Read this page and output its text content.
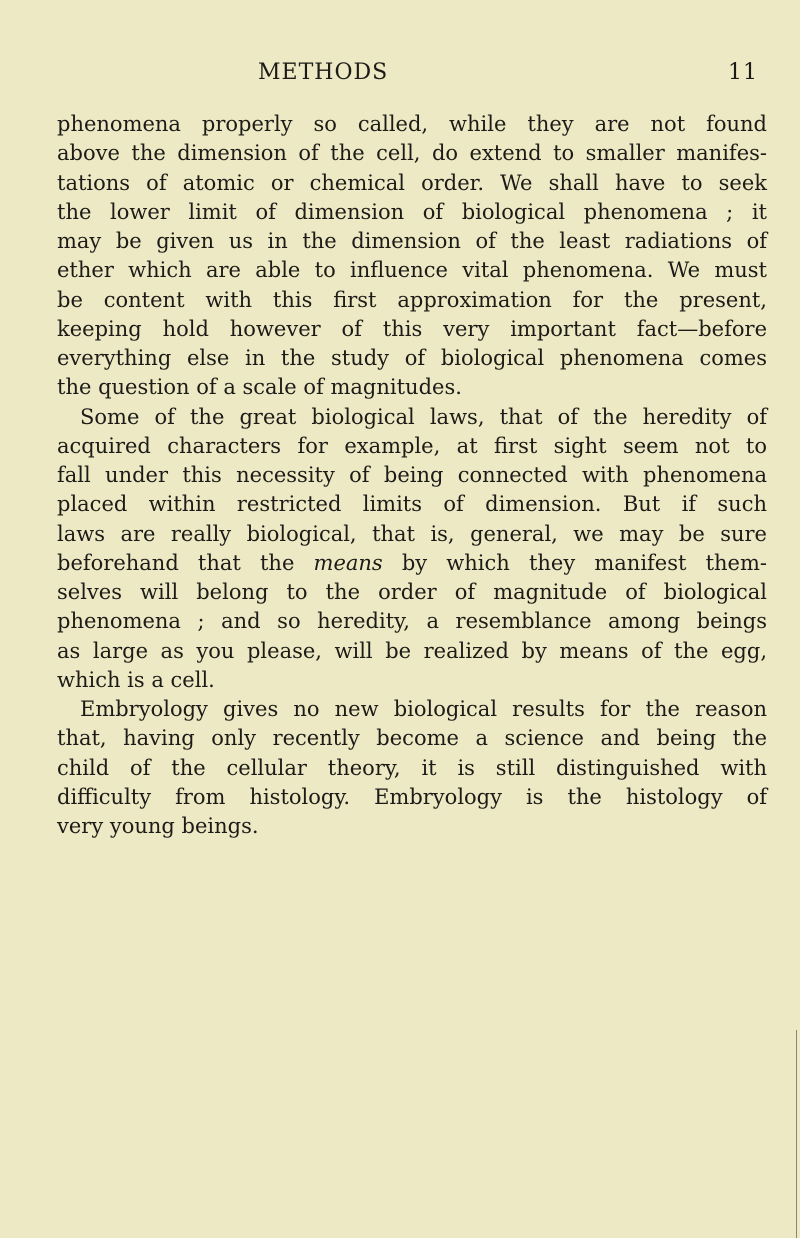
METHODS	11
phenomena properly so called, while they are not found
above the dimension of the cell, do extend to smaller manifes-
tations of atomic or chemical order. We shall have to seek
the lower limit of dimension of biological phenomena ; it
may be given us in the dimension of the least radiations of
ether which are able to influence vital phenomena. We must
be content with this first approximation for the present,
keeping hold however of this very important fact—before
everything else in the study of biological phenomena comes
the question of a scale of magnitudes.
Some of the great biological laws, that of the heredity of
acquired characters for example, at first sight seem not to
fall under this necessity of being connected with phenomena
placed within restricted limits of dimension. But if such
laws are really biological, that is, general, we may be sure
beforehand that the means by which they manifest them-
selves will belong to the order of magnitude of biological
phenomena ; and so heredity, a resemblance among beings
as large as you please, will be realized by means of the egg,
which is a cell.
Embryology gives no new biological results for the reason
that, having only recently become a science and being the
child of the cellular theory, it is still distinguished with
difficulty from histology. Embryology is the histology of
very young beings.
